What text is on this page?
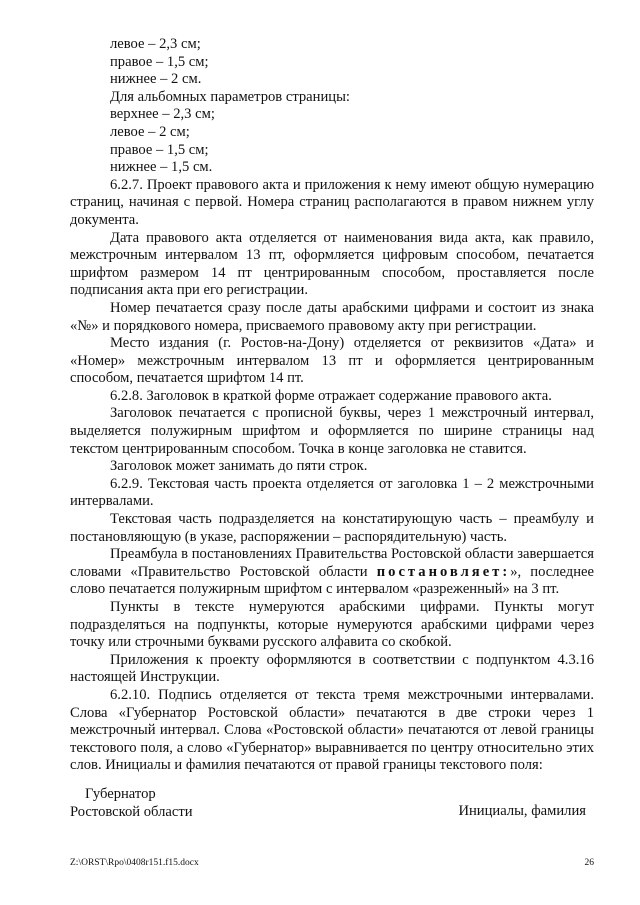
левое – 2,3 см;
правое – 1,5 см;
нижнее – 2 см.
Для альбомных параметров страницы:
верхнее – 2,3 см;
левое – 2 см;
правое – 1,5 см;
нижнее – 1,5 см.

6.2.7. Проект правового акта и приложения к нему имеют общую нумерацию страниц, начиная с первой. Номера страниц располагаются в правом нижнем углу документа.

Дата правового акта отделяется от наименования вида акта, как правило, межстрочным интервалом 13 пт, оформляется цифровым способом, печатается шрифтом размером 14 пт центрированным способом, проставляется после подписания акта при его регистрации.

Номер печатается сразу после даты арабскими цифрами и состоит из знака «№» и порядкового номера, присваемого правовому акту при регистрации.

Место издания (г. Ростов-на-Дону) отделяется от реквизитов «Дата» и «Номер» межстрочным интервалом 13 пт и оформляется центрированным способом, печатается шрифтом 14 пт.

6.2.8. Заголовок в краткой форме отражает содержание правового акта.

Заголовок печатается с прописной буквы, через 1 межстрочный интервал, выделяется полужирным шрифтом и оформляется по ширине страницы над текстом центрированным способом. Точка в конце заголовка не ставится.

Заголовок может занимать до пяти строк.

6.2.9. Текстовая часть проекта отделяется от заголовка 1 – 2 межстрочными интервалами.

Текстовая часть подразделяется на констатирующую часть – преамбулу и постановляющую (в указе, распоряжении – распорядительную) часть.

Преамбула в постановлениях Правительства Ростовской области завершается словами «Правительство Ростовской области постановляет:», последнее слово печатается полужирным шрифтом с интервалом «разреженный» на 3 пт.

Пункты в тексте нумеруются арабскими цифрами. Пункты могут подразделяться на подпункты, которые нумеруются арабскими цифрами через точку или строчными буквами русского алфавита со скобкой.

Приложения к проекту оформляются в соответствии с подпунктом 4.3.16 настоящей Инструкции.

6.2.10. Подпись отделяется от текста тремя межстрочными интервалами. Слова «Губернатор Ростовской области» печатаются в две строки через 1 межстрочный интервал. Слова «Ростовской области» печатаются от левой границы текстового поля, а слово «Губернатор» выравнивается по центру относительно этих слов. Инициалы и фамилия печатаются от правой границы текстового поля:

Губернатор
Ростовской области	Инициалы, фамилия
Z:\ORST\Rpo\0408r151.f15.docx	26
